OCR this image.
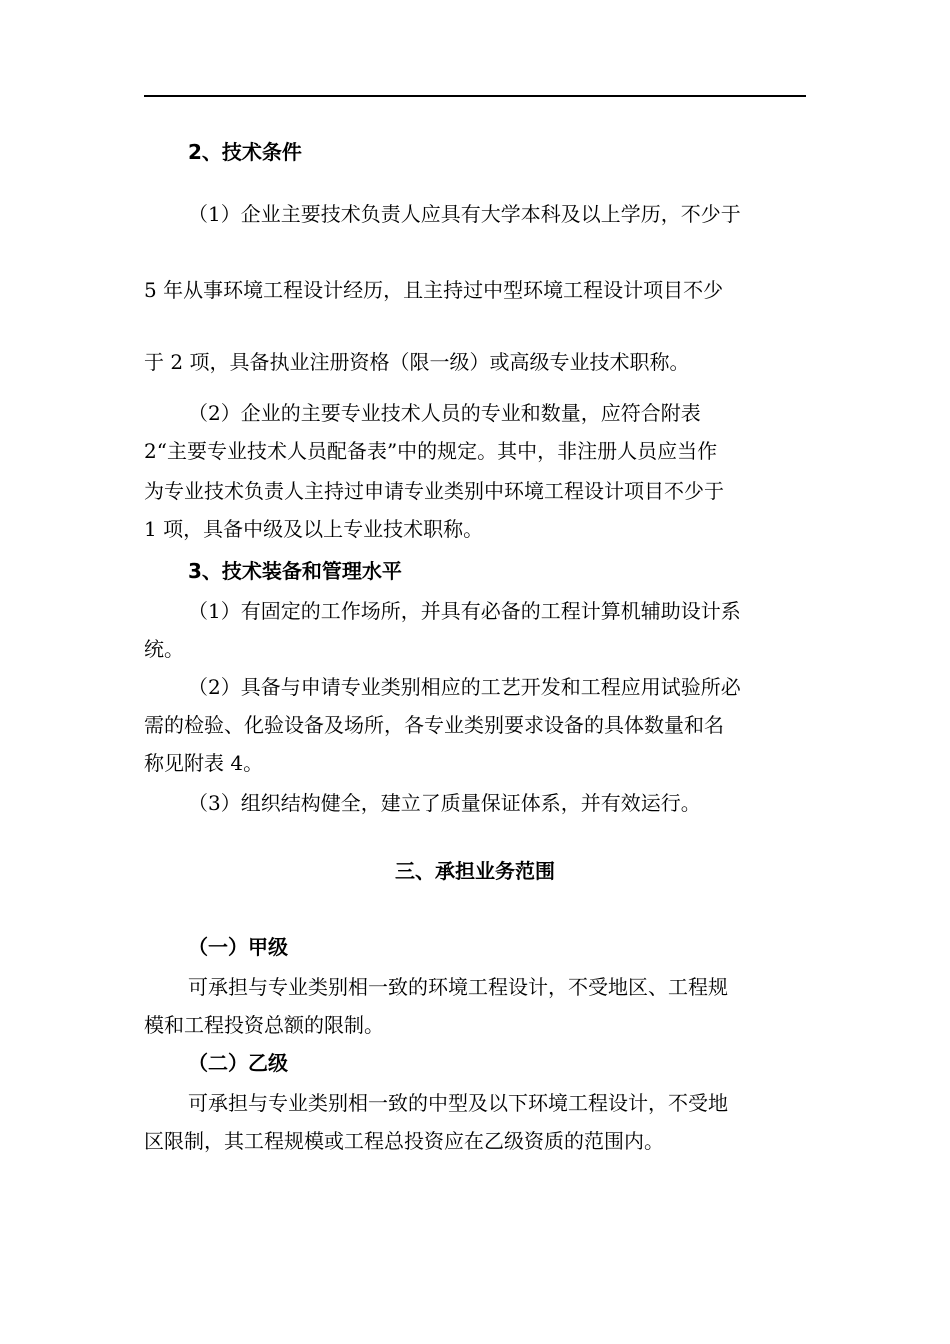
2、技术条件
（1）企业主要技术负责人应具有大学本科及以上学历，不少于
5 年从事环境工程设计经历，且主持过中型环境工程设计项目不少
于 2 项，具备执业注册资格（限一级）或高级专业技术职称。
（2）企业的主要专业技术人员的专业和数量，应符合附表
2“主要专业技术人员配备表”中的规定。其中，非注册人员应当作
为专业技术负责人主持过申请专业类别中环境工程设计项目不少于
1 项，具备中级及以上专业技术职称。
3、技术装备和管理水平
（1）有固定的工作场所，并具有必备的工程计算机辅助设计系
统。
（2）具备与申请专业类别相应的工艺开发和工程应用试验所必
需的检验、化验设备及场所，各专业类别要求设备的具体数量和名
称见附表 4。
（3）组织结构健全，建立了质量保证体系，并有效运行。
三、承担业务范围
（一）甲级
可承担与专业类别相一致的环境工程设计，不受地区、工程规
模和工程投资总额的限制。
（二）乙级
可承担与专业类别相一致的中型及以下环境工程设计，不受地
区限制，其工程规模或工程总投资应在乙级资质的范围内。
